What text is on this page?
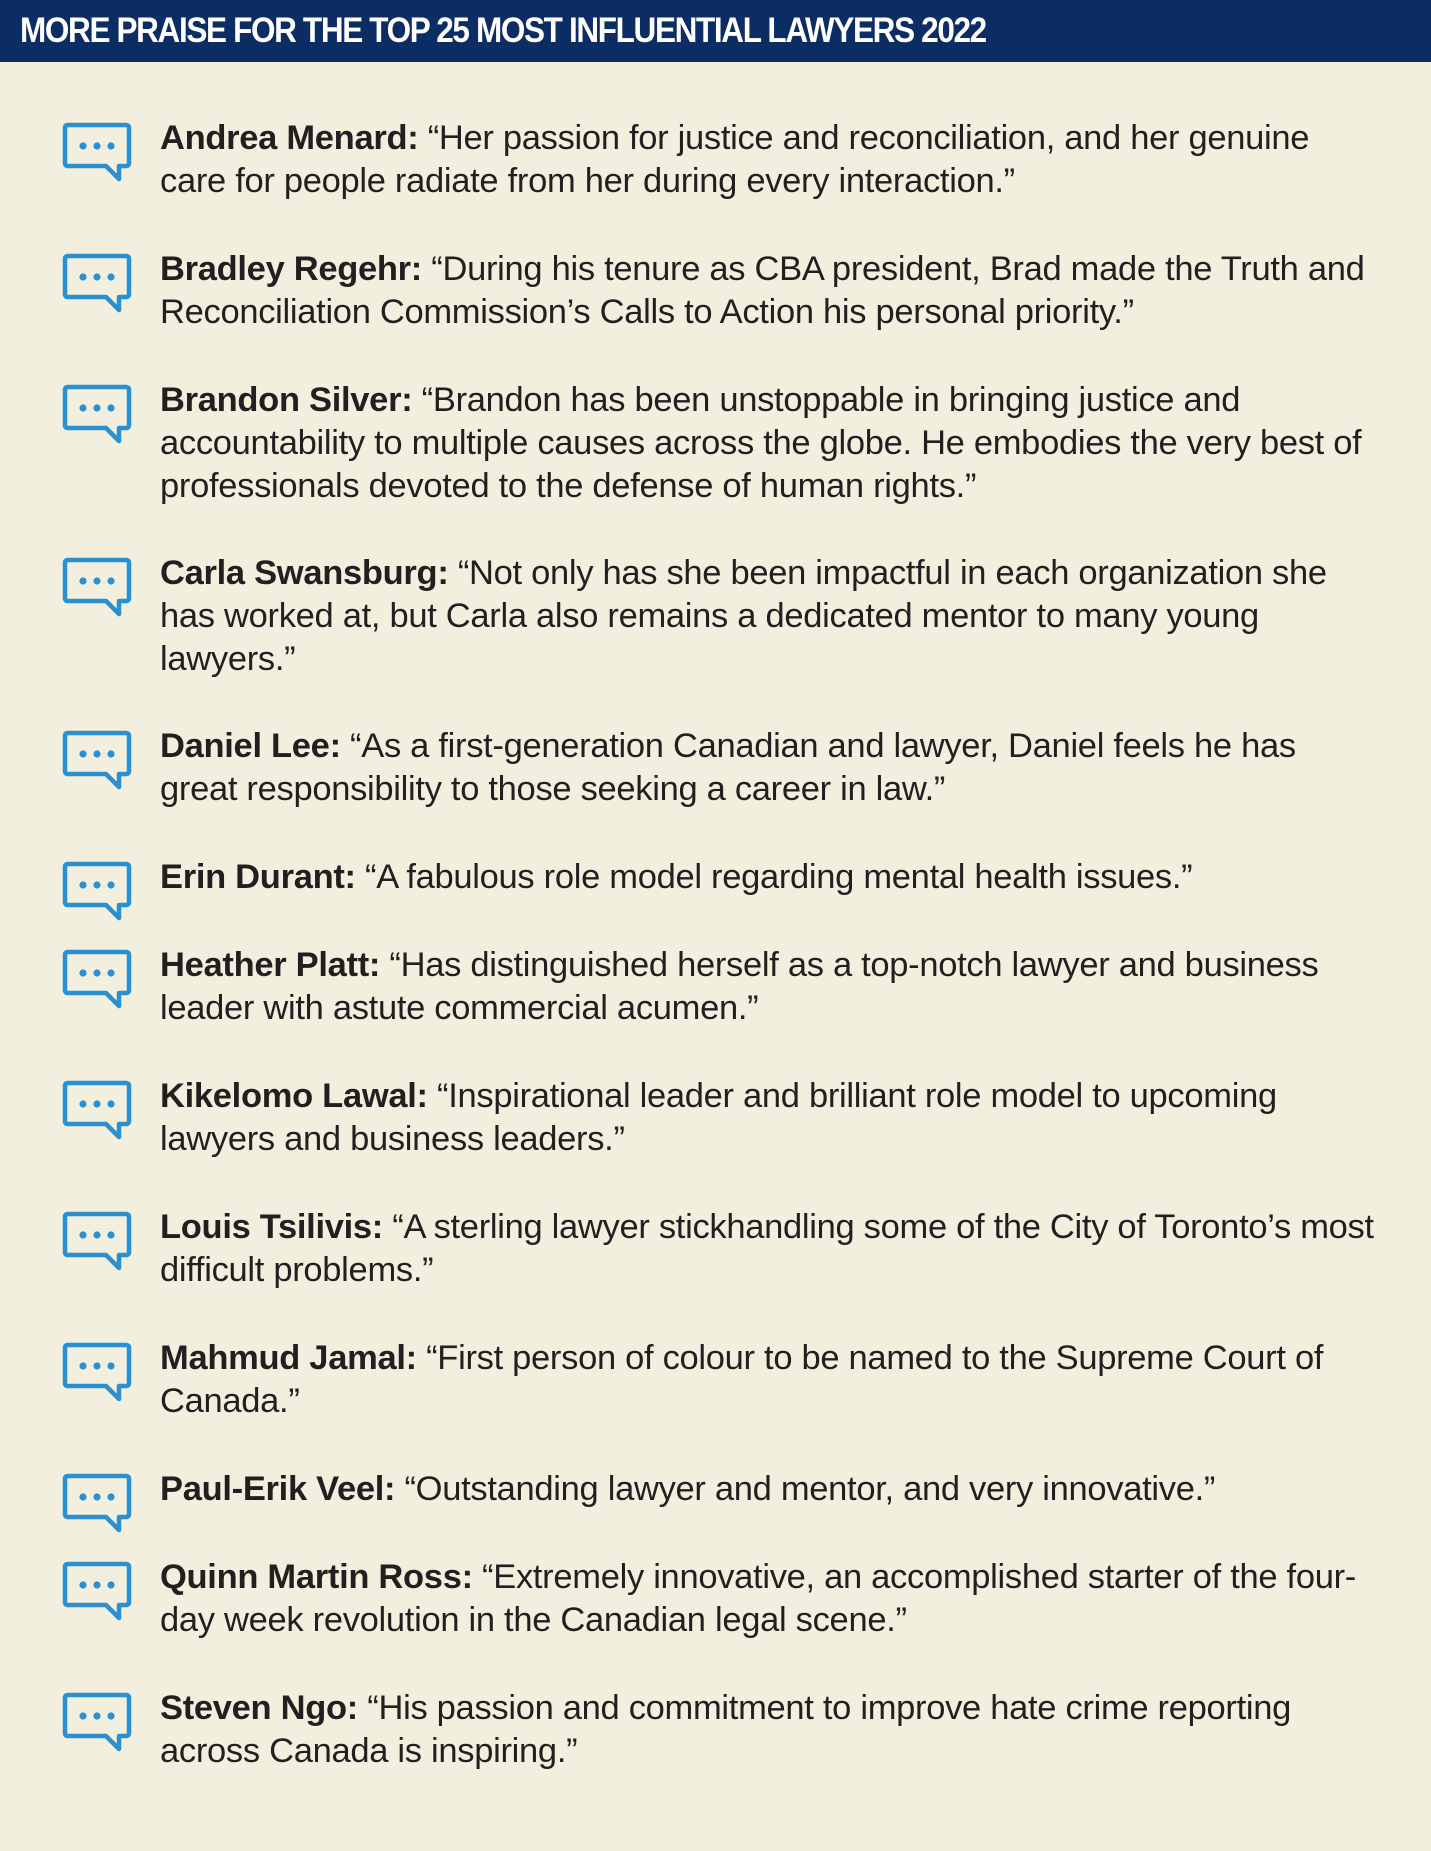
MORE PRAISE FOR THE TOP 25 MOST INFLUENTIAL LAWYERS 2022
Andrea Menard: “Her passion for justice and reconciliation, and her genuine care for people radiate from her during every interaction.”
Bradley Regehr: “During his tenure as CBA president, Brad made the Truth and Reconciliation Commission’s Calls to Action his personal priority.”
Brandon Silver: “Brandon has been unstoppable in bringing justice and accountability to multiple causes across the globe. He embodies the very best of professionals devoted to the defense of human rights.”
Carla Swansburg: “Not only has she been impactful in each organization she has worked at, but Carla also remains a dedicated mentor to many young lawyers.”
Daniel Lee: “As a first-generation Canadian and lawyer, Daniel feels he has great responsibility to those seeking a career in law.”
Erin Durant: “A fabulous role model regarding mental health issues.”
Heather Platt: “Has distinguished herself as a top-notch lawyer and business leader with astute commercial acumen.”
Kikelomo Lawal: “Inspirational leader and brilliant role model to upcoming lawyers and business leaders.”
Louis Tsilivis: “A sterling lawyer stickhandling some of the City of Toronto’s most difficult problems.”
Mahmud Jamal: “First person of colour to be named to the Supreme Court of Canada.”
Paul-Erik Veel: “Outstanding lawyer and mentor, and very innovative.”
Quinn Martin Ross: “Extremely innovative, an accomplished starter of the four-day week revolution in the Canadian legal scene.”
Steven Ngo: “His passion and commitment to improve hate crime reporting across Canada is inspiring.”
